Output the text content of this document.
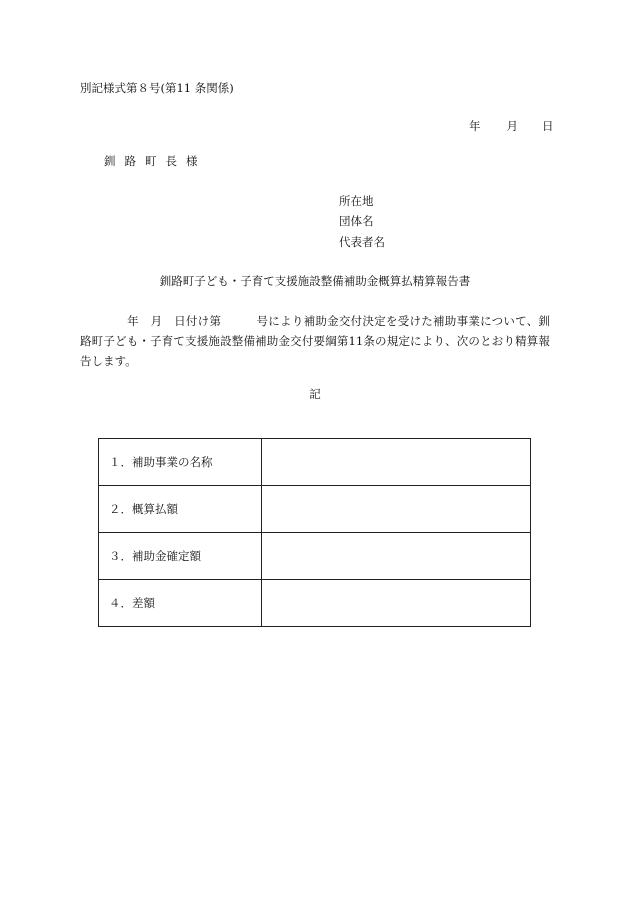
別記様式第８号(第11 条関係)
年 月 日
釧路町長様
所在地
団体名
代表者名
釧路町子ども・子育て支援施設整備補助金概算払精算報告書
　　　　年　月　日付け第　　　号により補助金交付決定を受けた補助事業について、釧路町子ども・子育て支援施設整備補助金交付要綱第11条の規定により、次のとおり精算報告します。
記
１．補助事業の名称	
２．概算払額	
３．補助金確定額	
４．差額	
